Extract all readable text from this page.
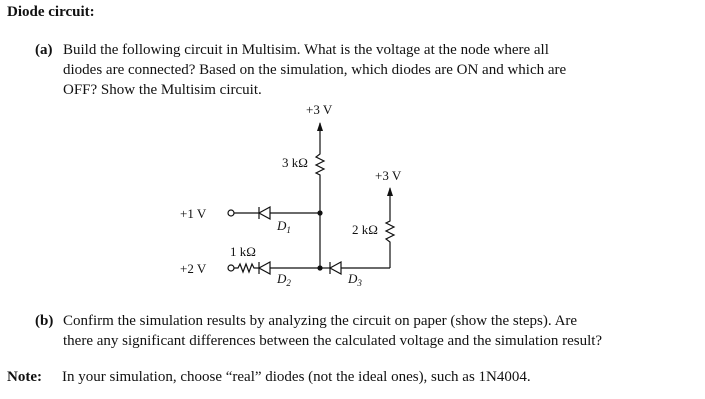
Diode circuit:
(a) Build the following circuit in Multisim. What is the voltage at the node where all
diodes are connected? Based on the simulation, which diodes are ON and which are
OFF? Show the Multisim circuit.
+3 V
3 kΩ
+3 V
2 kΩ
+1 V
1 kΩ
+2 V
$D_1$
$D_2$	$D_3$
(b) Confirm the simulation results by analyzing the circuit on paper (show the steps). Are
there any significant differences between the calculated voltage and the simulation result?
Note: In your simulation, choose “real” diodes (not the ideal ones), such as 1N4004.
